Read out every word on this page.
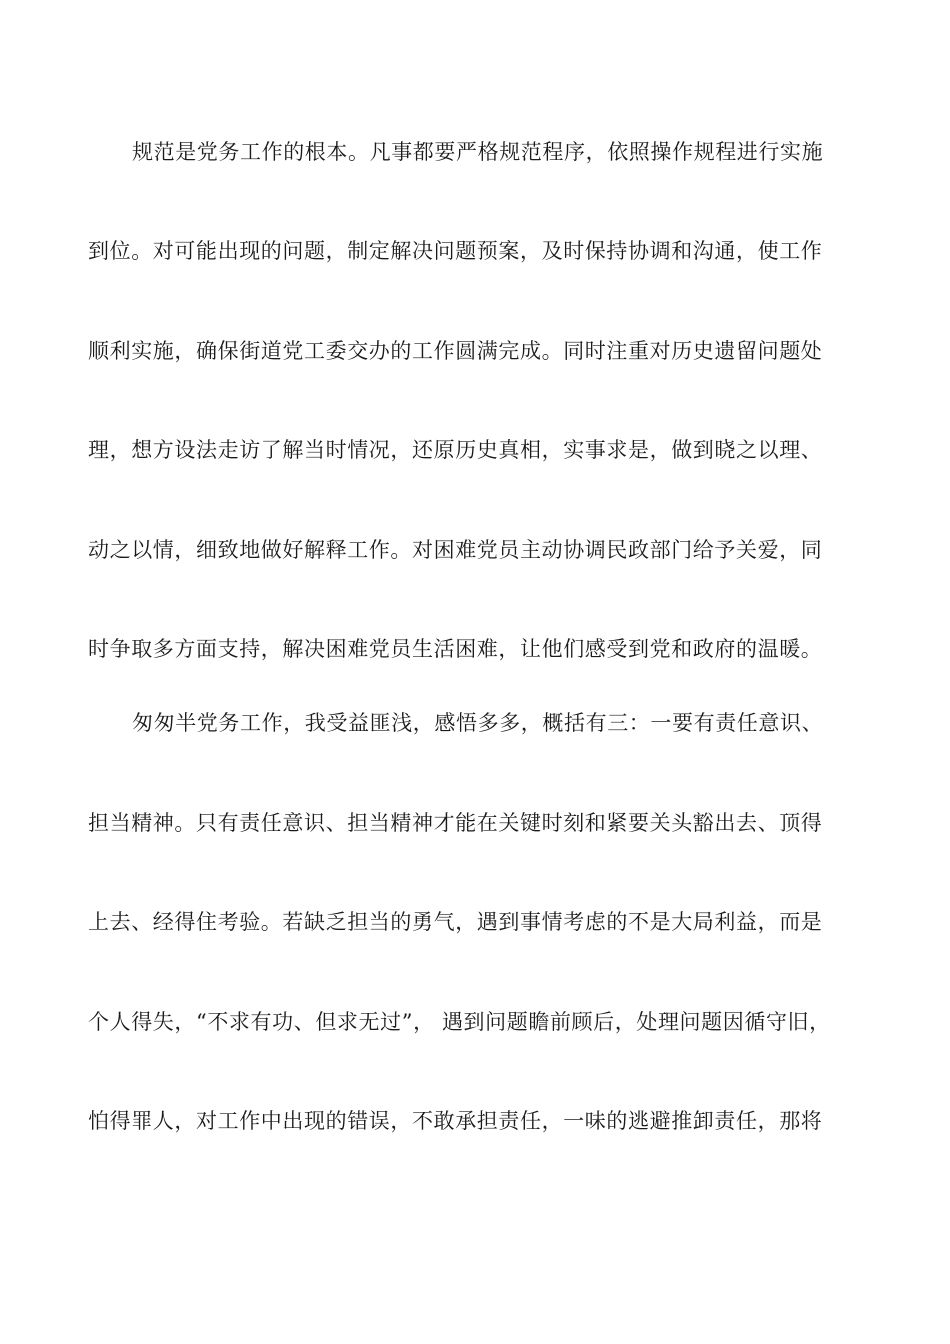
规范是党务工作的根本。凡事都要严格规范程序，依照操作规程进行实施
到位。对可能出现的问题，制定解决问题预案，及时保持协调和沟通，使工作
顺利实施，确保街道党工委交办的工作圆满完成。同时注重对历史遗留问题处
理，想方设法走访了解当时情况，还原历史真相，实事求是，做到晓之以理、
动之以情，细致地做好解释工作。对困难党员主动协调民政部门给予关爱，同
时争取多方面支持，解决困难党员生活困难，让他们感受到党和政府的温暖。
匆匆半党务工作，我受益匪浅，感悟多多，概括有三：一要有责任意识、
担当精神。只有责任意识、担当精神才能在关键时刻和紧要关头豁出去、顶得
上去、经得住考验。若缺乏担当的勇气，遇到事情考虑的不是大局利益，而是
个人得失，“不求有功、但求无过”， 遇到问题瞻前顾后，处理问题因循守旧，
怕得罪人，对工作中出现的错误，不敢承担责任，一味的逃避推卸责任，那将
